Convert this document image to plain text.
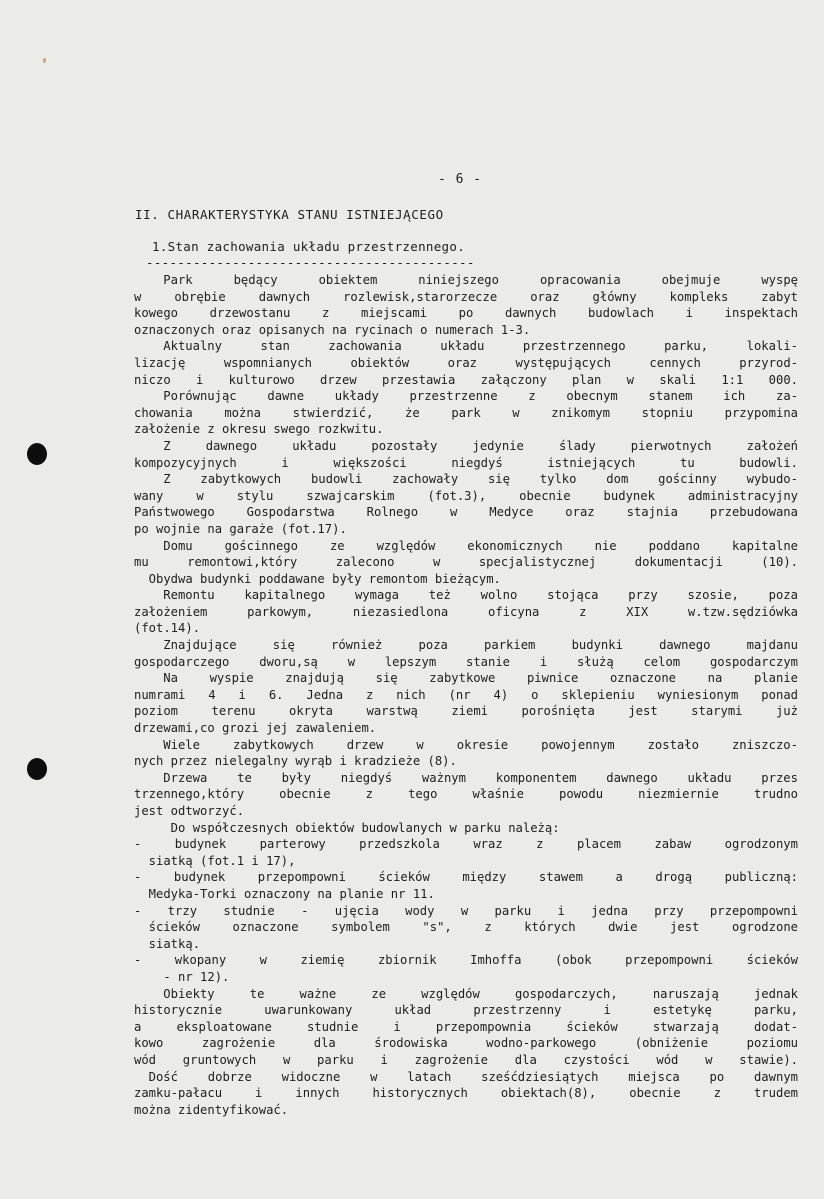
- 6 -
II. CHARAKTERYSTYKA STANU ISTNIEJĄCEGO
1.Stan zachowania układu przestrzennego.
------------------------------------------
Park będący obiektem niniejszego opracowania obejmuje wyspę
w obrębie dawnych rozlewisk,starorzecze oraz główny kompleks zabyt
kowego drzewostanu z miejscami po dawnych budowlach i inspektach
oznaczonych oraz opisanych na rycinach o numerach 1-3.
Aktualny stan zachowania układu przestrzennego parku, lokali-
lizację wspomnianych obiektów oraz występujących cennych przyrod-
niczo i kulturowo drzew przestawia załączony plan w skali 1:1 000.
Porównując dawne układy przestrzenne z obecnym stanem ich za-
chowania można stwierdzić, że park w znikomym stopniu przypomina
założenie z okresu swego rozkwitu.
Z dawnego układu pozostały jedynie ślady pierwotnych założeń
kompozycyjnych i większości niegdyś istniejących tu budowli.
Z zabytkowych budowli zachowały się tylko dom gościnny wybudo-
wany w stylu szwajcarskim (fot.3), obecnie budynek administracyjny
Państwowego Gospodarstwa Rolnego w Medyce oraz stajnia przebudowana
po wojnie na garaże (fot.17).
Domu gościnnego ze względów ekonomicznych nie poddano kapitalne
mu remontowi,który zalecono w specjalistycznej dokumentacji (10).
Obydwa budynki poddawane były remontom bieżącym.
Remontu kapitalnego wymaga też wolno stojąca przy szosie, poza
założeniem parkowym, niezasiedlona oficyna z XIX w.tzw.sędziówka
(fot.14).
Znajdujące się również poza parkiem budynki dawnego majdanu
gospodarczego dworu,są w lepszym stanie i służą celom gospodarczym
Na wyspie znajdują się zabytkowe piwnice oznaczone na planie
numrami 4 i 6. Jedna z nich (nr 4) o sklepieniu wyniesionym ponad
poziom terenu okryta warstwą ziemi porośnięta jest starymi już
drzewami,co grozi jej zawaleniem.
Wiele zabytkowych drzew w okresie powojennym zostało zniszczo-
nych przez nielegalny wyrąb i kradzieże (8).
Drzewa te były niegdyś ważnym komponentem dawnego układu przes
trzennego,który obecnie z tego właśnie powodu niezmiernie trudno
jest odtworzyć.
Do współczesnych obiektów budowlanych w parku należą:
- budynek parterowy przedszkola wraz z placem zabaw ogrodzonym
siatką (fot.1 i 17),
- budynek przepompowni ścieków między stawem a drogą publiczną:
Medyka-Torki oznaczony na planie nr 11.
- trzy studnie - ujęcia wody w parku i jedna przy przepompowni
ścieków oznaczone symbolem "s", z których dwie jest ogrodzone
siatką.
- wkopany w ziemię zbiornik Imhoffa (obok przepompowni ścieków
- nr 12).
Obiekty te ważne ze względów gospodarczych, naruszają jednak
historycznie uwarunkowany układ przestrzenny i estetykę parku,
a eksploatowane studnie i przepompownia ścieków stwarzają dodat-
kowo zagrożenie dla środowiska wodno-parkowego (obniżenie poziomu
wód gruntowych w parku i zagrożenie dla czystości wód w stawie).
Dość dobrze widoczne w latach sześćdziesiątych miejsca po dawnym
zamku-pałacu i innych historycznych obiektach(8), obecnie z trudem
można zidentyfikować.
